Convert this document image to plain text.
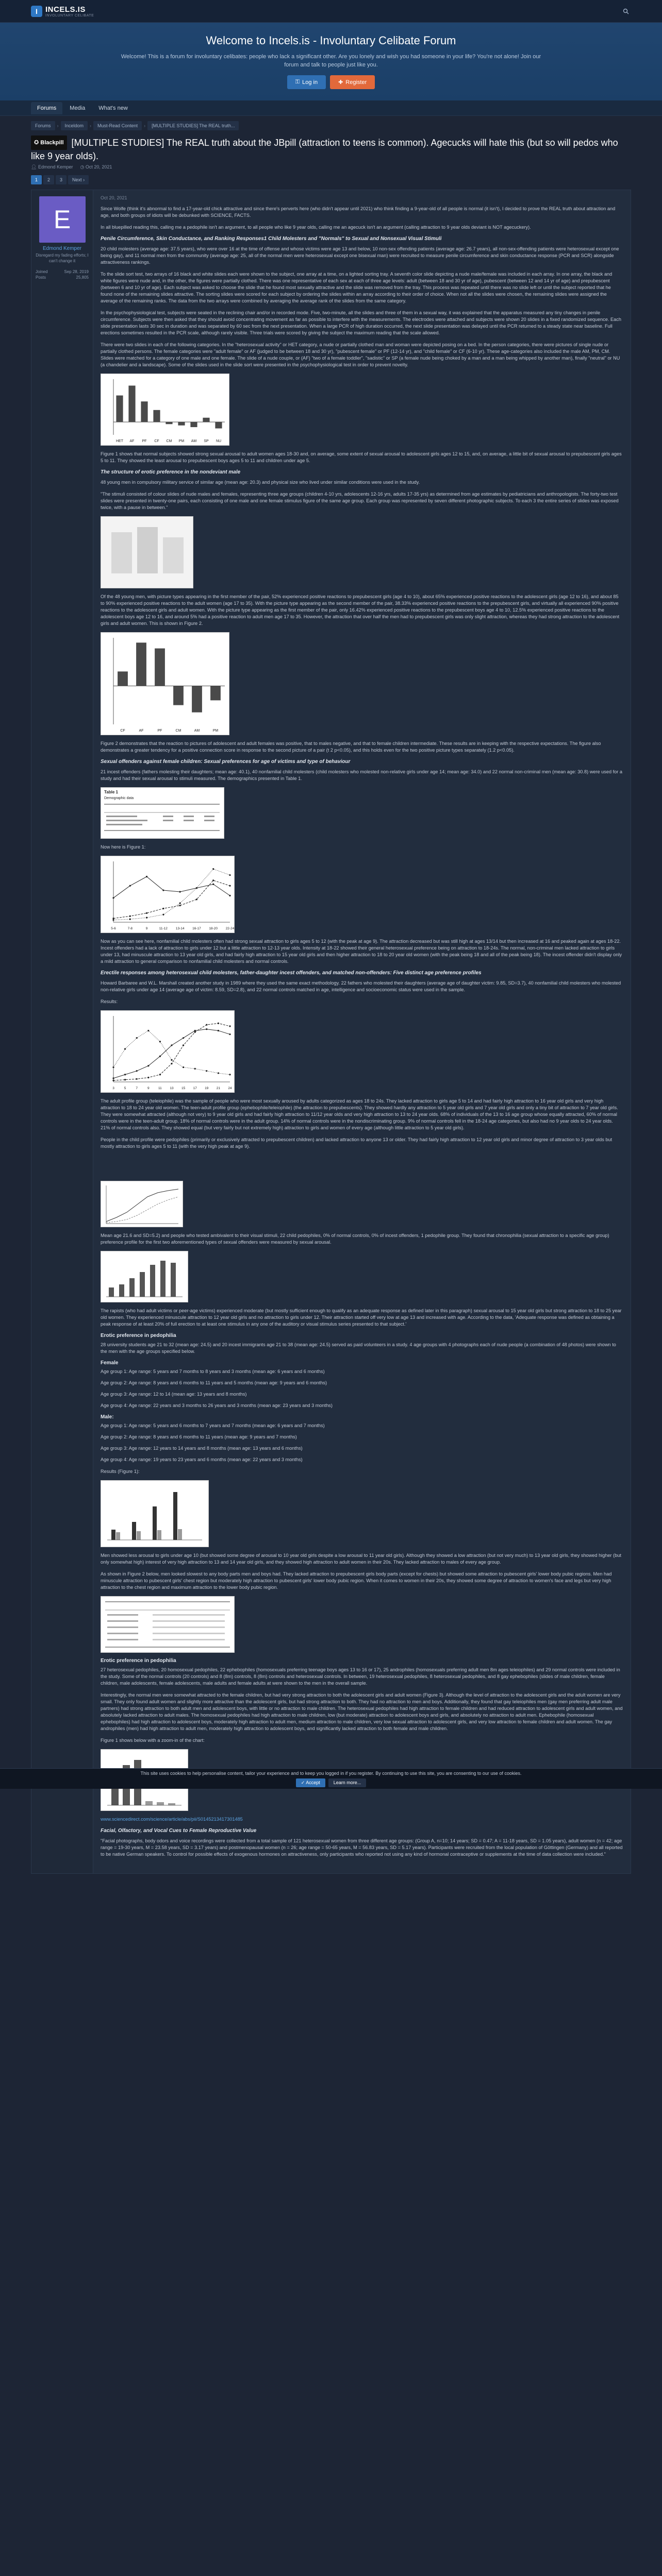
I	INCELS.IS
INVOLUNTARY CELIBATE
Welcome to Incels.is - Involuntary Celibate Forum

Welcome! This is a forum for involuntary celibates: people who lack a significant other. Are you lonely and wish you had someone in your life? You're not alone! Join our forum and talk to people just like you.

⚿ Log in	✚ Register
Forums	Media	What's new
Forums	›	Inceldom	›	Must-Read Content	›	[MULTIPLE STUDIES] The REAL truth...
✪ Blackpill [MULTIPLE STUDIES] The REAL truth about the JBpill (attraction to teens is common). Agecucks will hate this (but so will pedos who like 9 year olds).
👤︎ Edmond Kemper ◷ Oct 20, 2021
1	2	3	Next ›
E
Edmond Kemper
Disregard my fading efforts; I can't change it
Joined	Sep 28, 2019
Posts	25,805
Oct 20, 2021

Since Wolfe (think it's abnormal to find a 17-year-old chick attractive and since there's perverts here (who didn't appear until 2021) who think finding a 9-year-old of all people is normal (it isn't), I decided to prove the REAL truth about attraction and age, and both groups of idiots will be debunked with SCIENCE, FACTS.

In all bluepilled reading this, calling me a pedophile isn't an argument, to all people who like 9 year olds, calling me an agecuck isn't an argument (calling attraction to 9 year olds deviant is NOT agecuckery).

Penile Circumference, Skin Conductance, and Ranking Responses1 Child Molesters and "Normals" to Sexual and Nonsexual Visual Stimuli

20 child molesters (average age: 37.5 years), who were over 16 at the time of offense and whose victims were age 13 and below, 10 non-sex offending patients (average age: 26.7 years), all non-sex-offending patients were heterosexual except one being gay), and 11 normal men from the community (average age: 25, all of the normal men were heterosexual except one bisexual man) were recruited to measure penile circumference and skin conductance response (PCR and SCR) alongside attractiveness rankings.

To the slide sort test, two arrays of 16 black and white slides each were shown to the subject, one array at a time, on a lighted sorting tray. A seventh color slide depicting a nude male/female was included in each array. In one array, the black and white figures were nude and, in the other, the figures were partially clothed. There was one representative of each sex at each of three age levels: adult (between 18 and 30 yr of age), pubescent (between 12 and 14 yr of age) and prepubescent (between 6 and 10 yr of age). Each subject was asked to choose the slide that he found most sexually attractive and the slide was removed from the tray. This process was repeated until there was no slide left or until the subject reported that he found none of the remaining slides attractive. The sorting slides were scored for each subject by ordering the slides within an array according to their order of choice. When not all the slides were chosen, the remaining slides were assigned the average of the remaining ranks. The data from the two arrays were combined by averaging the average rank of the slides from the same category.

In the psychophysiological test, subjects were seated in the reclining chair and/or in recorded mode. Five, two-minute, all the slides and three of them in a sexual way, it was explained that the apparatus measured any tiny changes in penile circumference. Subjects were then asked that they should avoid concentrating movement as far as possible to interfere with the measurements. The electrodes were attached and subjects were shown 20 slides in a fixed randomized sequence. Each slide presentation lasts 30 sec in duration and was separated by 60 sec from the next presentation. When a large PCR of high duration occurred, the next slide presentation was delayed until the PCR returned to a steady state near baseline. Full erections sometimes resulted in the PCR scale, although rarely visible. Three trials were scored by giving the subject the maximum reading that the scale allowed.

There were two slides in each of the following categories. In the "heterosexual activity" or HET category, a nude or partially clothed man and woman were depicted posing on a bed. In the person categories, there were pictures of single nude or partially clothed persons. The female categories were "adult female" or AF (judged to be between 18 and 30 yr), "pubescent female" or PF (12-14 yr), and "child female" or CF (6-10 yr). These age-categories also included the male AM, PM, CM. Slides were matched for a category of one male and one female. The slide of a nude couple, or (AF) "two of a female toddler", "sadistic" or SP (a female nude being choked by a man and a man being whipped by another man), finally "neutral" or NU (a chandelier and a landscape). Some of the slides used in the slide sort were presented in the psychophysiological test in order to prevent novelty.

HET AF PF CF CM PM AM SP NU

Figure 1 shows that normal subjects showed strong sexual arousal to adult women ages 18-30 and, on average, some extent of sexual arousal to adolescent girls ages 12 to 15, and, on average, a little bit of sexual arousal to prepubescent girls ages 5 to 11. They showed the least arousal to prepubescent boys ages 5 to 11 and children under age 5.

The structure of erotic preference in the nondeviant male

48 young men in compulsory military service of similar age (mean age: 20.3) and physical size who lived under similar conditions were used in the study.

"The stimuli consisted of colour slides of nude males and females, representing three age groups (children 4-10 yrs, adolescents 12-16 yrs, adults 17-35 yrs) as determined from age estimates by pediatricians and anthropologists. The forty-two test slides were presented in twenty-one pairs, each consisting of one male and one female stimulus figure of the same age group. Each group was represented by seven different photographic subjects. To each 3 the entire series of slides was exposed twice, with a pause in between."

Of the 48 young men, with picture types appearing in the first member of the pair, 52% experienced positive reactions to prepubescent girls (age 4 to 10), about 65% experienced positive reactions to the adolescent girls (age 12 to 16), and about 85 to 90% experienced positive reactions to the adult women (age 17 to 35). With the picture type appearing as the second member of the pair, 38.33% experienced positive reactions to the prepubescent girls, and virtually all experienced 90% positive reactions to the adolescent girls and adult women. With the picture type appearing as the first member of the pair, only 16.42% experienced positive reactions to the prepubescent boys age 4 to 10, 12.5% experienced positive reactions to the adolescent boys age 12 to 16, and around 5% had a positive reaction to adult men age 17 to 35. However, the attraction that over half the men had to prepubescent girls was only slight attraction, whereas they had strong attraction to the adolescent girls and adult women. This is shown in Figure 2.

CF	AF	PF	CM	AM	PM

Figure 2 demonstrates that the reaction to pictures of adolescent and adult females was positive, that to males negative, and that to female children intermediate. These results are in keeping with the respective expectations. The figure also demonstrates a greater tendency for a positive connection score in response to the second picture of a pair (t 2 p<0.05), and this holds even for the two positive picture types separately (1.2 p<0.05).

Sexual offenders against female children: Sexual preferences for age of victims and type of behaviour

21 incest offenders (fathers molesting their daughters; mean age: 40.1), 40 nonfamilial child molesters (child molesters who molested non-relative girls under age 14; mean age: 34.0) and 22 normal non-criminal men (mean age: 30.8) were used for a study and had their sexual arousal to stimuli measured. The demographics presented in Table 1.

Table 1
Demographic data

Now here is Figure 1:

5-6	7-8	9	11-12 13-14 16-17 18-20 22-24

Now as you can see here, nonfamilial child molesters often had strong sexual attraction to girls ages 5 to 12 (with the peak at age 9). The attraction decreased but was still high at ages 13/14 but then increased at 16 and peaked again at ages 18-22. Incest offenders had a lack of attraction to girls under 12 but a little attraction to 12-13 year olds. Intensity at 18-22 showed their general heterosexual preference being on attraction to 18-24s. The normal, non-criminal men lacked attraction to girls under 13, had minuscule attraction to 13 year old girls, and had fairly high attraction to 15 year old girls and then higher attraction to 18 to 20 year old women (with the peak being 18 and all of the peak being 18). The incest offender didn't display only a mild attraction to general comparison to nonfamilial child molesters and normal controls.

Erectile responses among heterosexual child molesters, father-daughter incest offenders, and matched non-offenders: Five distinct age preference profiles

Howard Barbaree and W.L. Marshall created another study in 1989 where they used the same exact methodology. 22 fathers who molested their daughters (average age of daughter victim: 9.85, SD=3.7), 40 nonfamilial child molesters who molested non-relative girls under age 14 (average age of victim: 8.59, SD=2.8), and 22 normal controls matched in age, intelligence and socioeconomic status were used in the sample.

Results:

3	5	7	9	11 13 15 17 19 21 24

The adult profile group (teleiophile) was the sample of people who were most sexually aroused by adults categorized as ages 18 to 24s. They lacked attraction to girls age 5 to 14 and had fairly high attraction to 16 year old girls and very high attraction to 18 to 24 year old women. The teen-adult profile group (ephebophile/teleiophile) (the attraction to prepubescents). They showed hardly any attraction to 5 year old girls and 7 year old girls and only a tiny bit of attraction to 7 year old girls. They were somewhat attracted (although not very) to 9 year old girls and had fairly high attraction to 11/12 year olds and very high attraction to 13 to 24 year olds. 68% of individuals of the 13 to 16 age group whose equally attracted, 60% of normal controls were in the teen-adult group. 18% of normal controls were in the adult group. 14% of normal controls were in the nondiscriminating group. 9% of normal controls fell in the 18-24 age categories, but also had no 9 year olds to 24 year olds. 21% of normal controls also. They showed equal (but very fairly but not extremely high) attraction to girls and women of every age (although little attraction to 5 year old girls).

People in the child profile were pedophiles (primarily or exclusively attracted to prepubescent children) and lacked attraction to anyone 13 or older. They had fairly high attraction to 12 year old girls and minor degree of attraction to 3 year olds but mostly attraction to girls ages 5 to 11 (with the very high peak at age 9).

Mean age 21.6 and SD=5.2) and people who tested ambivalent to their visual stimuli, 22 child pedophiles, 0% of normal controls, 0% of incest offenders, 1 pedophile group. They found that chronophilia (sexual attraction to a specific age group) preference profile for the first two aforementioned types of sexual offenders were measured by sexual arousal.

The rapists (who had adult victims or peer-age victims) experienced moderate (but mostly sufficient enough to qualify as an adequate response as defined later in this paragraph) sexual arousal to 15 year old girls but strong attraction to 18 to 25 year old women. They experienced minuscule attraction to 12 year old girls and no attraction to girls under 12. Their attraction started off very low at age 13 and increased with age. According to the data, 'Adequate response was defined as obtaining a peak response of at least 20% of full erection to at least one stimulus in any one of the auditory or visual stimulus series presented to that subject.'

Erotic preference in pedophilia

28 university students age 21 to 32 (mean age: 24.5) and 20 incest immigrants age 21 to 38 (mean age: 24.5) served as paid volunteers in a study. 4 age groups with 4 photographs each of nude people (a combination of 48 photos) were shown to the men with the age groups specified below.

Female
Age group 1: Age range: 5 years and 7 months to 8 years and 3 months (mean age: 6 years and 6 months)
Age group 2: Age range: 8 years and 6 months to 11 years and 5 months (mean age: 9 years and 6 months)
Age group 3: Age range: 12 to 14 (mean age: 13 years and 8 months)
Age group 4: Age range: 22 years and 3 months to 26 years and 3 months (mean age: 23 years and 3 months)
Male:
Age group 1: Age range: 5 years and 6 months to 7 years and 7 months (mean age: 6 years and 7 months)
Age group 2: Age range: 8 years and 6 months to 11 years (mean age: 9 years and 7 months)
Age group 3: Age range: 12 years to 14 years and 8 months (mean age: 13 years and 6 months)
Age group 4: Age range: 19 years to 23 years and 6 months (mean age: 22 years and 3 months)

Results (Figure 1):

Men showed less arousal to girls under age 10 (but showed some degree of arousal to 10 year old girls despite a low arousal to 11 year old girls). Although they showed a low attraction (but not very much) to 13 year old girls, they showed higher (but only somewhat high) interest of very high attraction to 13 and 14 year old girls, and they showed high attraction to adult women in their 20s. They lacked attraction to males of every age group.

As shown in Figure 2 below, men looked slowest to any body parts men and boys had. They lacked attraction to prepubescent girls body parts (except for chests) but showed some attraction to pubescent girls' lower body pubic regions. Men had minuscule attraction to pubescent girls' chest region but moderately high attraction to pubescent girls' lower body pubic region. When it comes to women in their 20s, they showed some degree of attraction to women's face and legs but very high attraction to the chest region and maximum attraction to the lower body pubic region.

Erotic preference in pedophilia

27 heterosexual pedophiles, 20 homosexual pedophiles, 22 ephebophiles (homosexuals preferring teenage boys ages 13 to 16 or 17), 25 androphiles (homosexuals preferring adult men 8m ages teleiophiles) and 29 normal controls were included in the study. Some of the normal controls (20 controls) and 8 (8m) controls, 8 (8m) controls and heterosexual controls. In between, 19 heterosexual pedophiles, 8 heterosexual pedophiles, and 8 gay ephebophiles (slides of male children, female children, male adolescents, female adolescents, male adults and female adults at were shown to the men in the overall sample.

Interestingly, the normal men were somewhat attracted to the female children, but had very strong attraction to both the adolescent girls and adult women (Figure 3). Although the level of attraction to the adolescent girls and the adult women are very small. They only found adult women and slightly more attractive than the adolescent girls, but had strong attraction to both. They had no attraction to men and boys. Additionally, they found that gay teleiophiles men (gay men preferring adult male partners) had strong attraction to both adult men and adolescent boys, with little or no attraction to male children. The heterosexual pedophiles had high attraction to female children and had reduced attraction to adolescent girls and adult women, and absolutely lacked attraction to adult males. The homosexual pedophiles had high attraction to male children, low (but moderate) attraction to adolescent boys and girls, and absolutely no attraction to adult men. Ephebophile (homosexual ephebophiles) had high attraction to adolescent boys, moderately high attraction to adult men, medium attraction to male children, very low sexual attraction to adolescent girls, and very low attraction to female children and adult women. The gay androphiles (men) had high attraction to adult men, moderately high attraction to adolescent boys, and significantly lacked attraction to both female and male children.

Figure 1 shows below with a zoom-in of the chart:

www.sciencedirect.com/science/article/abs/pii/S0145213417301485

Facial, Olfactory, and Vocal Cues to Female Reproductive Value

"Facial photographs, body odors and voice recordings were collected from a total sample of 121 heterosexual women from three different age groups: (Group A, n=10; 14 years; SD = 0.47; A = 11-18 years, SD = 1.05 years), adult women (n = 42; age range = 19-30 years, M = 23.58 years, SD = 3.17 years) and postmenopausal women (n = 26; age range = 50-65 years, M = 56.83 years, SD = 5.17 years). Participants were recruited from the local population of Göttingen (Germany) and all reported to be native German speakers. To control for possible effects of exogenous hormones on attractiveness, only participants who reported not using any kind of hormonal contraceptive or supplements at the time of data collection were included."

This site uses cookies to help personalise content, tailor your experience and to keep you logged in if you register. By continuing to use this site, you are consenting to our use of cookies.
✓ Accept	Learn more...
